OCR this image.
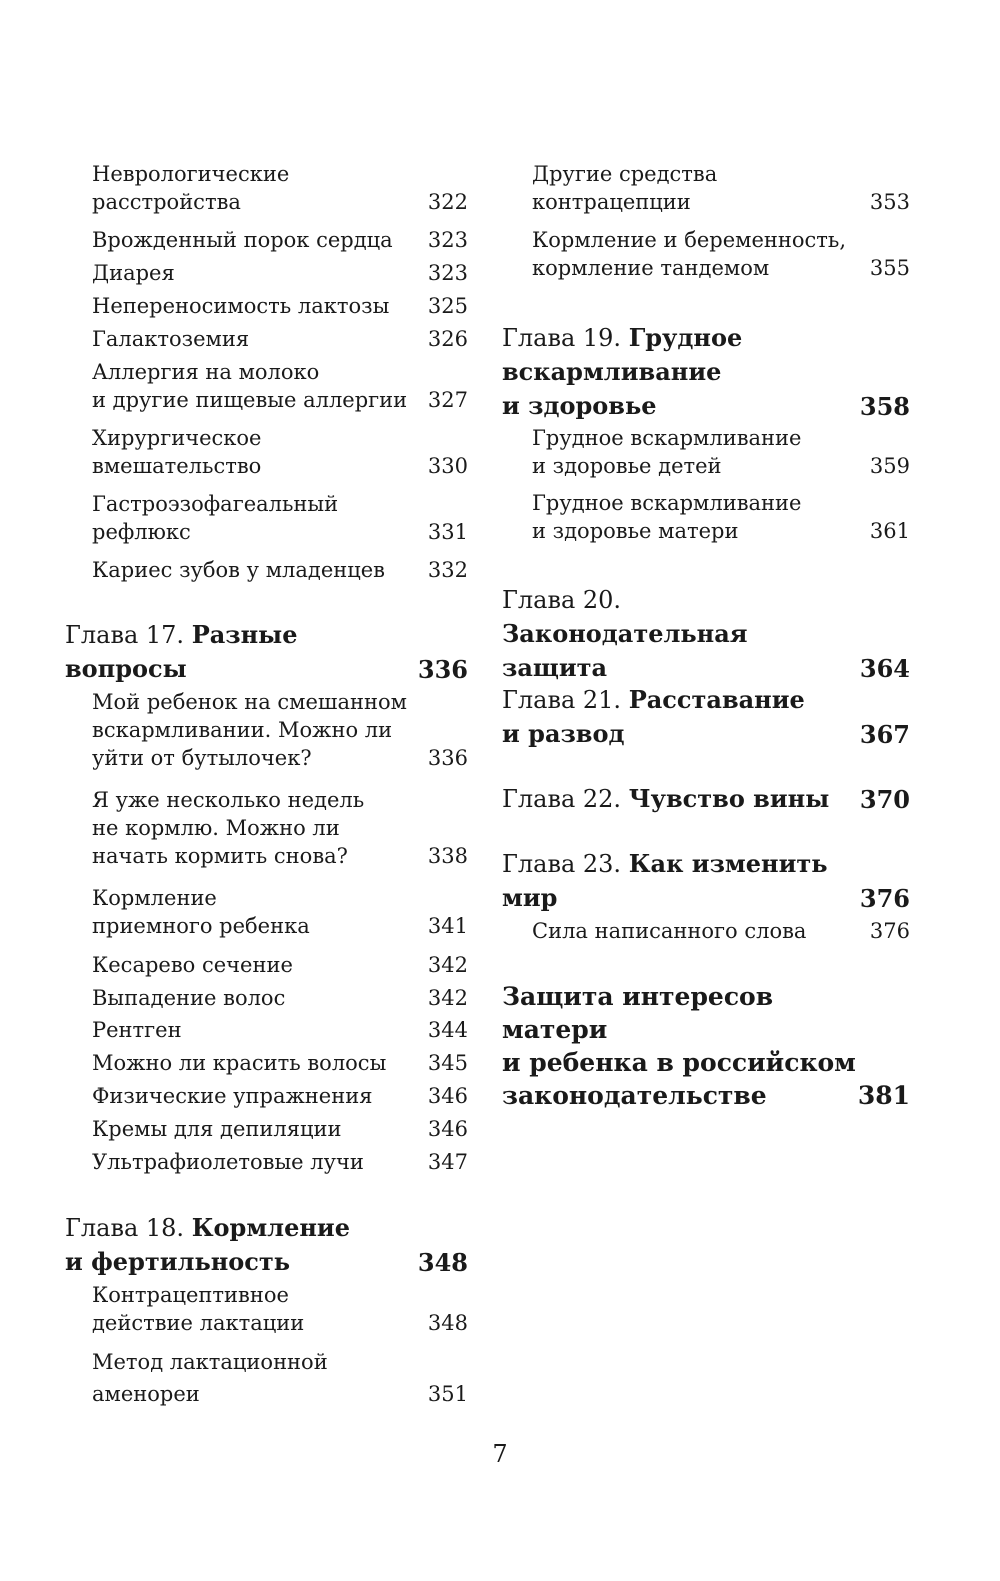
Неврологические
расстройства	322
Врожденный порок сердца 323
Диарея	323
Непереносимость лактозы 325
Галактоземия	326
Аллергия на молоко
и другие пищевые аллергии 327
Хирургическое
вмешательство	330
Гастроэзофагеальный
рефлюкс	331
Кариес зубов у младенцев 332
Глава 17. Разные
вопросы	336
Мой ребенок на смешанном
вскармливании. Можно ли
уйти от бутылочек?	336
Я уже несколько недель
не кормлю. Можно ли
начать кормить снова?	338
Кормление
приемного ребенка	341
Кесарево сечение	342
Выпадение волос	342
Рентген	344
Можно ли красить волосы 345
Физические упражнения	346
Кремы для депиляции	346
Ультрафиолетовые лучи	347
Глава 18. Кормление
и фертильность	348
Контрацептивное
действие лактации	348
Метод лактационной
аменореи	351
Другие средства
контрацепции	353
Кормление и беременность,
кормление тандемом	355
Глава 19. Грудное
вскармливание
и здоровье	358
Грудное вскармливание
и здоровье детей	359
Грудное вскармливание
и здоровье матери	361
Глава 20. Законодательная
защита	364
Глава 21. Расставание
и развод	367
Глава 22. Чувство вины 370
Глава 23. Как изменить
мир	376
Сила написанного слова	376
Защита интересов матери
и ребенка в российском
законодательстве	381
7
